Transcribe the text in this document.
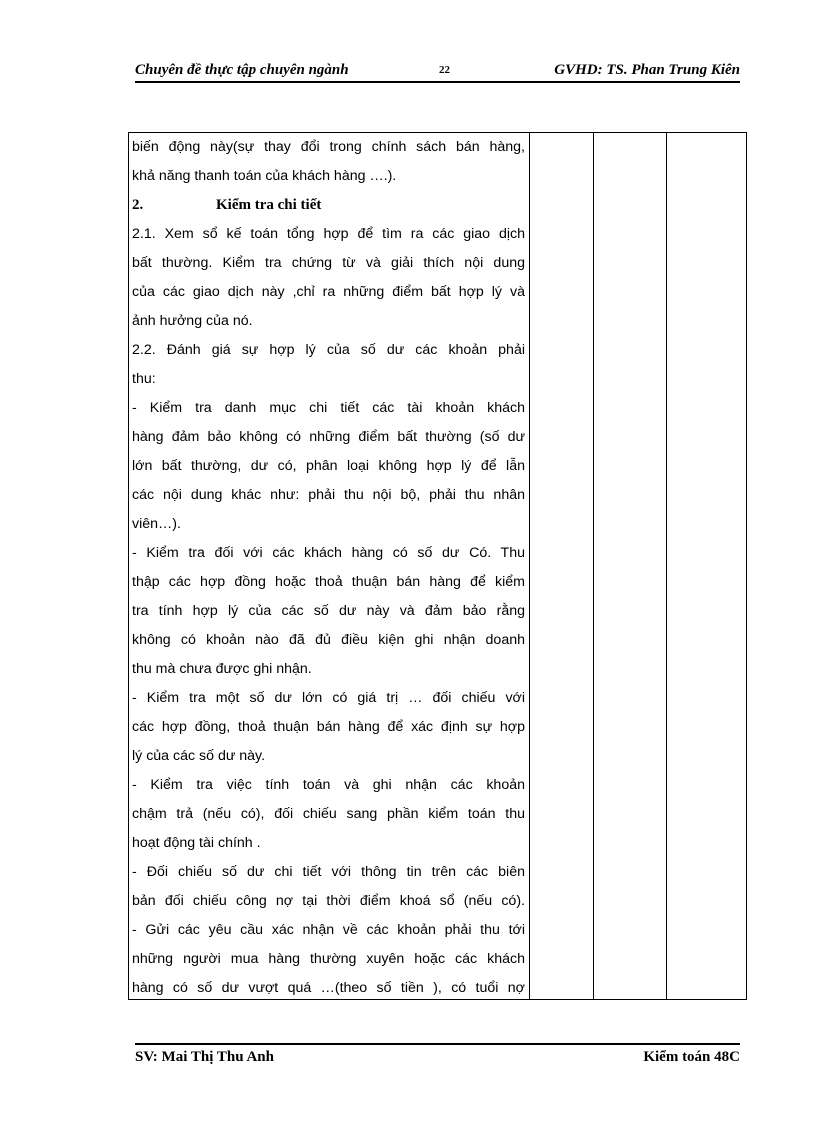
Chuyên đề thực tập chuyên ngành	22	GVHD: TS. Phan Trung Kiên
biến động này(sự thay đổi trong chính sách bán hàng,
khả năng thanh toán của khách hàng ….).
2.	Kiểm tra chi tiết
2.1. Xem sổ kế toán tổng hợp để tìm ra các giao dịch
bất thường. Kiểm tra chứng từ và giải thích nội dung
của các giao dịch này ,chỉ ra những điểm bất hợp lý và
ảnh hưởng của nó.
2.2. Đánh giá sự hợp lý của số dư các khoản phải
thu:
- Kiểm tra danh mục chi tiết các tài khoản khách
hàng đảm bảo không có những điểm bất thường (số dư
lớn bất thường, dư có, phân loại không hợp lý để lẫn
các nội dung khác như: phải thu nội bộ, phải thu nhân
viên…).
- Kiểm tra đối với các khách hàng có số dư Có. Thu
thập các hợp đồng hoặc thoả thuận bán hàng để kiểm
tra tính hợp lý của các số dư này và đảm bảo rằng
không có khoản nào đã đủ điều kiện ghi nhận doanh
thu mà chưa được ghi nhận.
- Kiểm tra một số dư lớn có giá trị … đối chiếu với
các hợp đồng, thoả thuận bán hàng để xác định sự hợp
lý của các số dư này.
- Kiểm tra việc tính toán và ghi nhận các khoản
chậm trả (nếu có), đối chiếu sang phần kiểm toán thu
hoạt động tài chính .
- Đối chiếu số dư chi tiết với thông tin trên các biên
bản đối chiếu công nợ tại thời điểm khoá sổ (nếu có).
- Gửi các yêu cầu xác nhận về các khoản phải thu tới
những người mua hàng thường xuyên hoặc các khách
hàng có số dư vượt quá …(theo số tiền ), có tuổi nợ
SV: Mai Thị Thu Anh	Kiểm toán 48C
